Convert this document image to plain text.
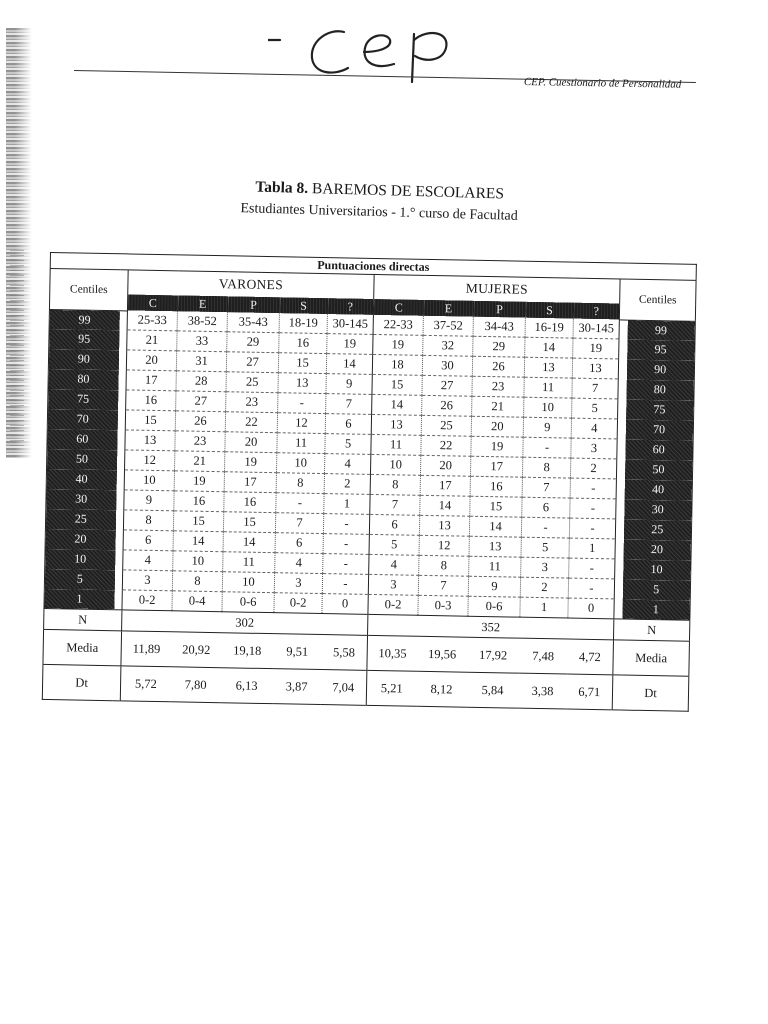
CEP. Cuestionario de Personalidad
Tabla 8. BAREMOS DE ESCOLARES
Estudiantes Universitarios - 1.° curso de Facultad
Puntuaciones directas													
Centiles		VARONES					MUJERES					Centiles	
		C	E	P	S	?	C	E	P	S	?		
99		25-33	38-52	35-43	18-19	30-145	22-33	37-52	34-43	16-19	30-145		99
95		21	33	29	16	19	19	32	29	14	19		95
90		20	31	27	15	14	18	30	26	13	13		90
80		17	28	25	13	9	15	27	23	11	7		80
75		16	27	23	-	7	14	26	21	10	5		75
70		15	26	22	12	6	13	25	20	9	4		70
60		13	23	20	11	5	11	22	19	-	3		60
50		12	21	19	10	4	10	20	17	8	2		50
40		10	19	17	8	2	8	17	16	7	-		40
30		9	16	16	-	1	7	14	15	6	-		30
25		8	15	15	7	-	6	13	14	-	-		25
20		6	14	14	6	-	5	12	13	5	1		20
10		4	10	11	4	-	4	8	11	3	-		10
5		3	8	10	3	-	3	7	9	2	-		5
1		0-2	0-4	0-6	0-2	0	0-2	0-3	0-6	1	0		1
N		302					352					N	
Media		11,89	20,92	19,18	9,51	5,58	10,35	19,56	17,92	7,48	4,72	Media	
Dt		5,72	7,80	6,13	3,87	7,04	5,21	8,12	5,84	3,38	6,71	Dt	
